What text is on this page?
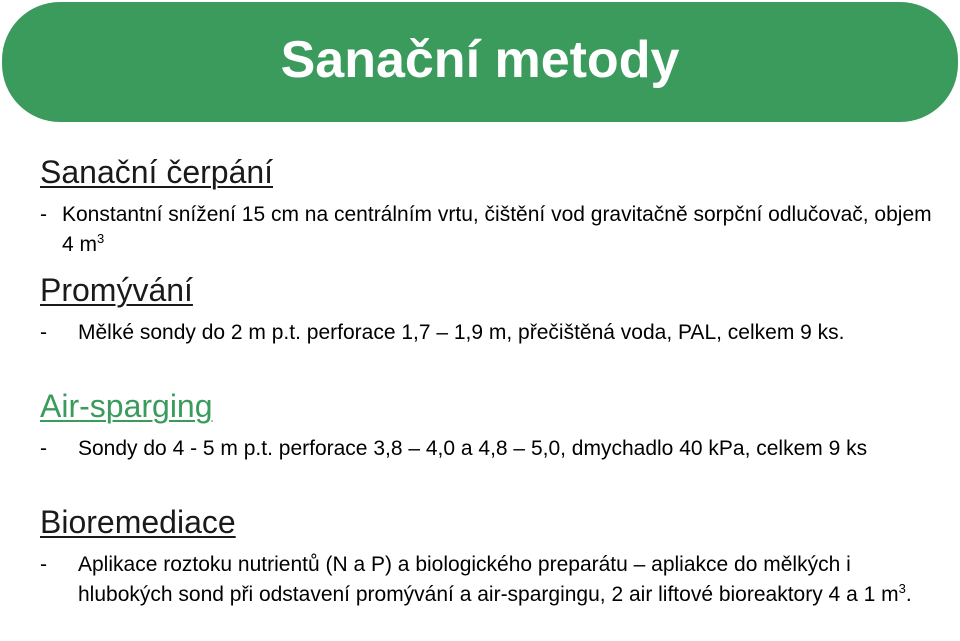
Sanační metody
Sanační čerpání
- Konstantní snížení 15 cm na centrálním vrtu, čištění vod gravitačně sorpční odlučovač, objem 4 $m^3$
Promývání
- Mělké sondy do 2 m p.t. perforace 1,7 – 1,9 m, přečištěná voda, PAL, celkem 9 ks.
Air-sparging
- Sondy do 4 - 5 m p.t. perforace 3,8 – 4,0 a 4,8 – 5,0, dmychadlo 40 kPa, celkem 9 ks
Bioremediace
- Aplikace roztoku nutrientů (N a P) a biologického preparátu – apliakce do mělkých i hlubokých sond při odstavení promývání a air-spargingu, 2 air liftové bioreaktory 4 a 1 $m^3$.
